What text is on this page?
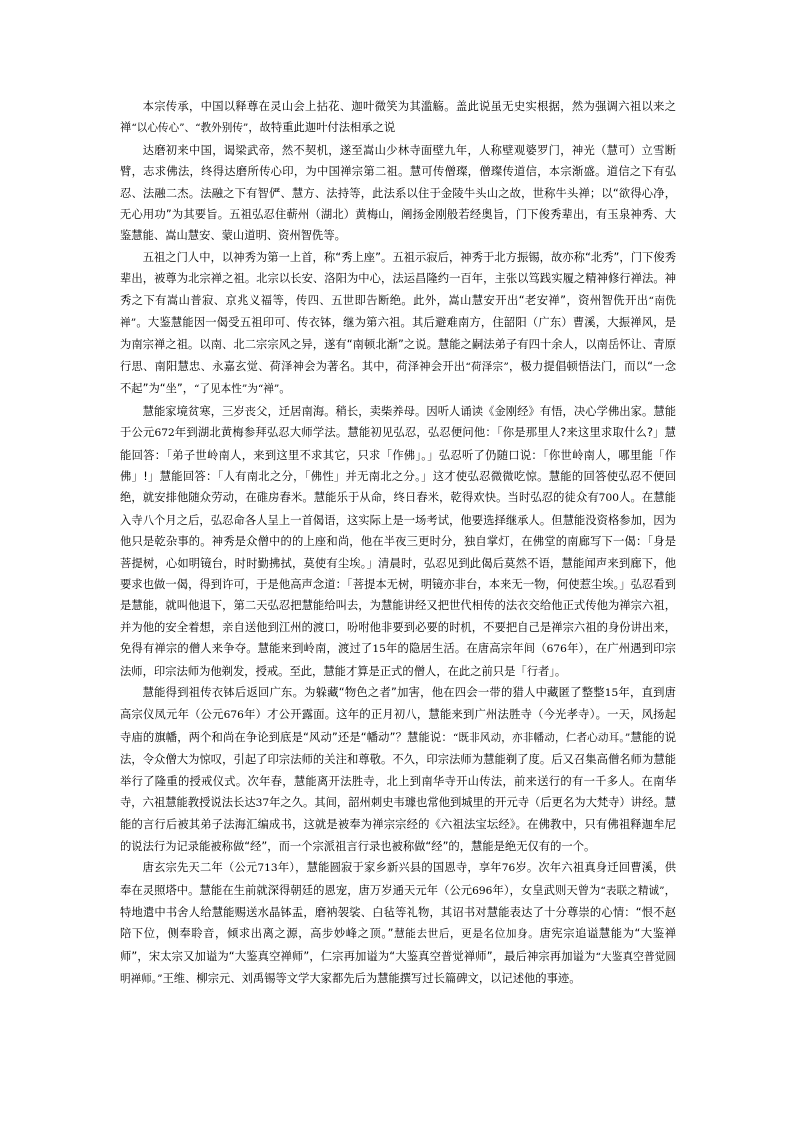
本宗传承，中国以释尊在灵山会上拈花、迦叶微笑为其滥觞。盖此说虽无史实根据，然为强调六祖以来之禅“以心传心”、“教外别传”，故特重此迦叶付法相承之说

达磨初来中国，谒梁武帝，然不契机，遂至嵩山少林寺面壁九年，人称壁观婆罗门，神光（慧可）立雪断臂，志求佛法，终得达磨所传心印，为中国禅宗第二祖。慧可传僧璨，僧璨传道信，本宗渐盛。道信之下有弘忍、法融二杰。法融之下有智俨、慧方、法持等，此法系以住于金陵牛头山之故，世称牛头禅；以“欲得心净，无心用功”为其要旨。五祖弘忍住蕲州（湖北）黄梅山，阐扬金刚般若经奥旨，门下俊秀辈出，有玉泉神秀、大鉴慧能、嵩山慧安、蒙山道明、资州智侁等。

五祖之门人中，以神秀为第一上首，称“秀上座”。五祖示寂后，神秀于北方振锡，故亦称“北秀”，门下俊秀辈出，被尊为北宗禅之祖。北宗以长安、洛阳为中心，法运昌隆约一百年，主张以笃践实履之精神修行禅法。神秀之下有嵩山普寂、京兆义福等，传四、五世即告断绝。此外，嵩山慧安开出“老安禅”，资州智侁开出“南侁禅”。大鉴慧能因一偈受五祖印可、传衣钵，继为第六祖。其后避难南方，住韶阳（广东）曹溪，大振禅风，是为南宗禅之祖。以南、北二宗宗风之异，遂有“南顿北渐”之说。慧能之嗣法弟子有四十余人，以南岳怀让、青原行思、南阳慧忠、永嘉玄觉、荷泽神会为著名。其中，荷泽神会开出“荷泽宗”，极力提倡顿悟法门，而以“一念不起”为“坐”，“了见本性”为“禅”。

慧能家境贫寒，三岁丧父，迁居南海。稍长，卖柴养母。因听人诵读《金刚经》有悟，决心学佛出家。慧能于公元672年到湖北黄梅参拜弘忍大师学法。慧能初见弘忍，弘忍便问他：「你是那里人?来这里求取什么?」慧能回答：「弟子世岭南人，来到这里不求其它，只求「作佛」。」弘忍听了仍随口说：「你世岭南人，哪里能「作佛」!」慧能回答：「人有南北之分，「佛性」并无南北之分。」这才使弘忍微微吃惊。慧能的回答使弘忍不便回绝，就安排他随众劳动，在碓房舂米。慧能乐于从命，终日舂米，乾得欢快。当时弘忍的徒众有700人。在慧能入寺八个月之后，弘忍命各人呈上一首偈语，这实际上是一场考试，他要选择继承人。但慧能没资格参加，因为他只是乾杂事的。神秀是众僧中的的上座和尚，他在半夜三更时分，独自掌灯，在佛堂的南廊写下一偈：「身是菩提树，心如明镜台，时时勤拂拭，莫使有尘埃。」清晨时，弘忍见到此偈后莫然不语，慧能闻声来到廊下，他要求也做一偈，得到许可，于是他高声念道：「菩提本无树，明镜亦非台，本来无一物，何使惹尘埃。」弘忍看到是慧能，就叫他退下，第二天弘忍把慧能给叫去，为慧能讲经又把世代相传的法衣交给他正式传他为禅宗六祖，并为他的安全着想，亲自送他到江州的渡口，吩咐他非要到必要的时机，不要把自己是禅宗六祖的身份讲出来，免得有禅宗的僧人来争夺。慧能来到岭南，渡过了15年的隐居生活。在唐高宗年间（676年），在广州遇到印宗法师，印宗法师为他剃发，授戒。至此，慧能才算是正式的僧人，在此之前只是「行者」。

慧能得到祖传衣钵后返回广东。为躲藏“物色之者”加害，他在四会一带的猎人中藏匿了整整15年，直到唐高宗仪凤元年（公元676年）才公开露面。这年的正月初八，慧能来到广州法胜寺（今光孝寺）。一天，风扬起寺庙的旗幡，两个和尚在争论到底是“风动”还是“幡动”？慧能说：“既非风动，亦非幡动，仁者心动耳。”慧能的说法，令众僧大为惊叹，引起了印宗法师的关注和尊敬。不久，印宗法师为慧能剃了度。后又召集高僧名师为慧能举行了隆重的授戒仪式。次年春，慧能离开法胜寺，北上到南华寺开山传法，前来送行的有一千多人。在南华寺，六祖慧能教授说法长达37年之久。其间，韶州刺史韦璩也常他到城里的开元寺（后更名为大梵寺）讲经。慧能的言行后被其弟子法海汇编成书，这就是被奉为禅宗宗经的《六祖法宝坛经》。在佛教中，只有佛祖释迦牟尼的说法行为记录能被称做“经”，而一个宗派祖言行录也被称做“经”的，慧能是绝无仅有的一个。

唐玄宗先天二年（公元713年），慧能圆寂于家乡新兴县的国恩寺，享年76岁。次年六祖真身迁回曹溪，供奉在灵照塔中。慧能在生前就深得朝廷的恩宠，唐万岁通天元年（公元696年），女皇武则天曾为“表联之精诚”，特地遣中书舍人给慧能赐送水晶钵盂，磨衲袈裟、白毡等礼物，其诏书对慧能表达了十分尊崇的心情：“恨不赵陪下位，侧奉聆音，倾求出离之源，高步妙峰之顶。”慧能去世后，更是名位加身。唐宪宗追谥慧能为“大鉴禅师”，宋太宗又加谥为“大鉴真空禅师”，仁宗再加谥为“大鉴真空普觉禅师”，最后神宗再加谥为“大鉴真空普觉圆明禅师。”王维、柳宗元、刘禹锡等文学大家都先后为慧能撰写过长篇碑文，以记述他的事迹。
